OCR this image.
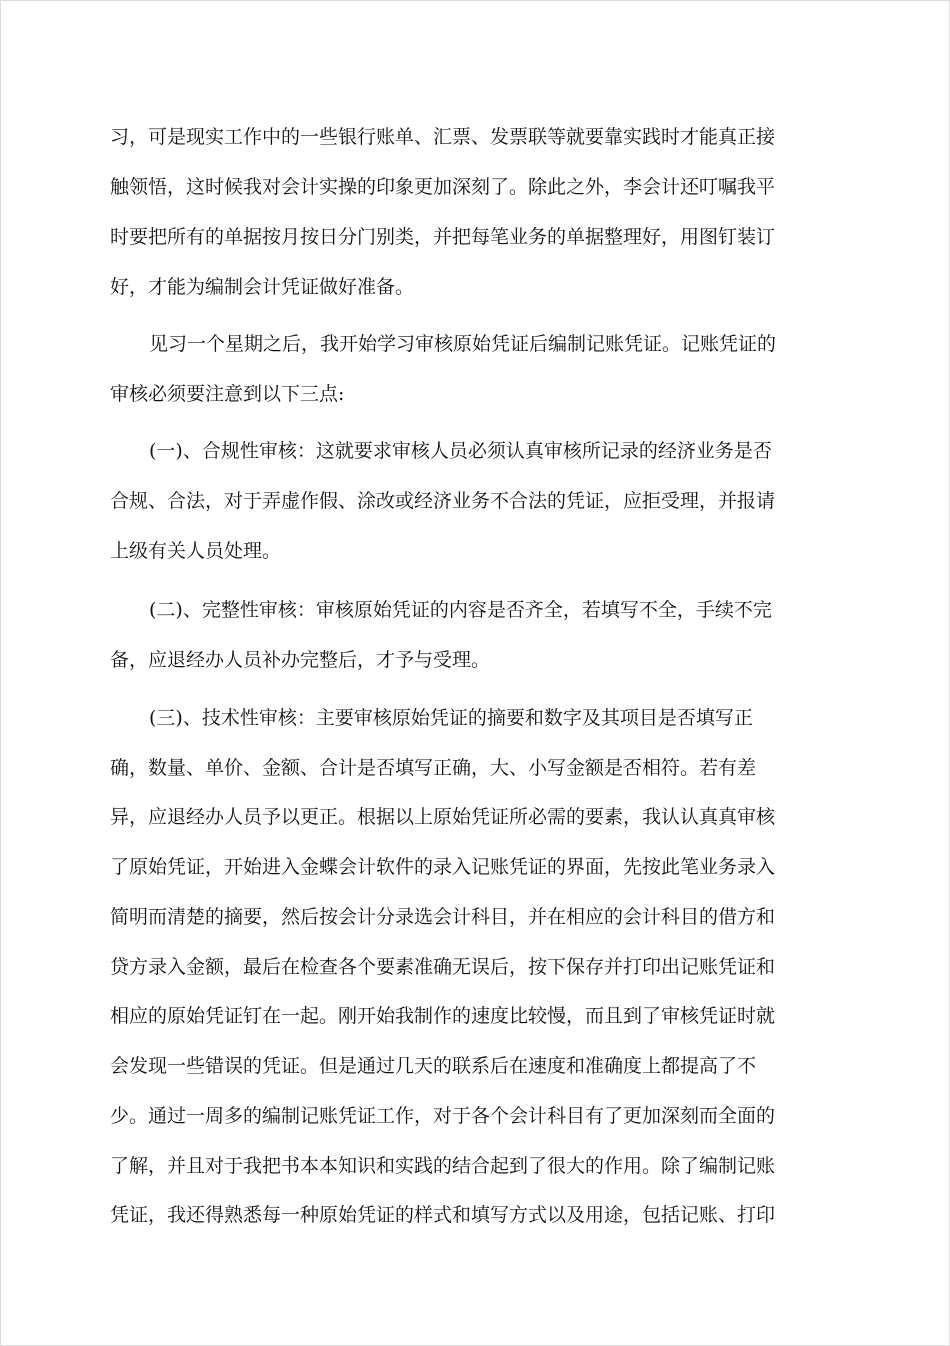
习，可是现实工作中的一些银行账单、汇票、发票联等就要靠实践时才能真正接
触领悟，这时候我对会计实操的印象更加深刻了。除此之外，李会计还叮嘱我平
时要把所有的单据按月按日分门别类，并把每笔业务的单据整理好，用图钉装订
好，才能为编制会计凭证做好准备。
见习一个星期之后，我开始学习审核原始凭证后编制记账凭证。记账凭证的
审核必须要注意到以下三点:
(一)、合规性审核：这就要求审核人员必须认真审核所记录的经济业务是否
合规、合法，对于弄虚作假、涂改或经济业务不合法的凭证，应拒受理，并报请
上级有关人员处理。
(二)、完整性审核：审核原始凭证的内容是否齐全，若填写不全，手续不完
备，应退经办人员补办完整后，才予与受理。
(三)、技术性审核：主要审核原始凭证的摘要和数字及其项目是否填写正
确，数量、单价、金额、合计是否填写正确，大、小写金额是否相符。若有差
异，应退经办人员予以更正。根据以上原始凭证所必需的要素，我认认真真审核
了原始凭证，开始进入金蝶会计软件的录入记账凭证的界面，先按此笔业务录入
简明而清楚的摘要，然后按会计分录选会计科目，并在相应的会计科目的借方和
贷方录入金额，最后在检查各个要素准确无误后，按下保存并打印出记账凭证和
相应的原始凭证钉在一起。刚开始我制作的速度比较慢，而且到了审核凭证时就
会发现一些错误的凭证。但是通过几天的联系后在速度和准确度上都提高了不
少。通过一周多的编制记账凭证工作，对于各个会计科目有了更加深刻而全面的
了解，并且对于我把书本本知识和实践的结合起到了很大的作用。除了编制记账
凭证，我还得熟悉每一种原始凭证的样式和填写方式以及用途，包括记账、打印
